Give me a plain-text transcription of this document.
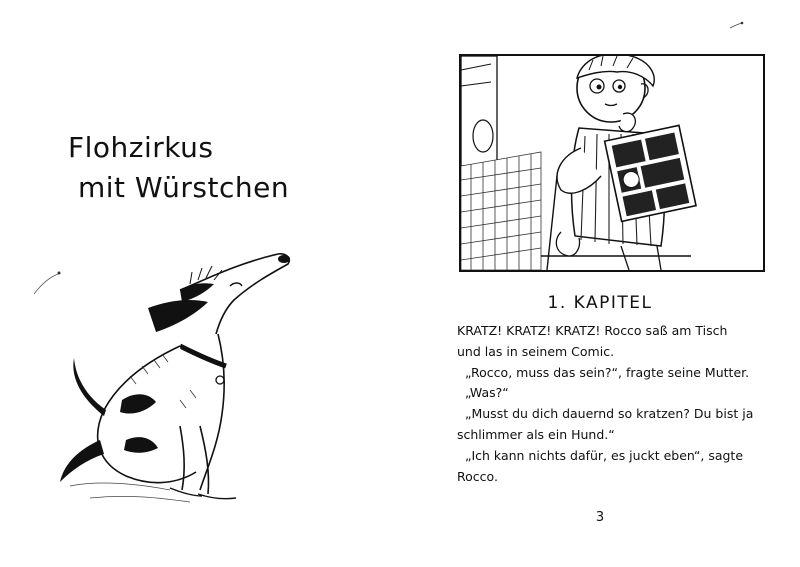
Flohzirkus
mit Würstchen
1. KAPITEL

KRATZ! KRATZ! KRATZ! Rocco saß am Tisch

und las in seinem Comic.

„Rocco, muss das sein?“, fragte seine Mutter.

„Was?“

„Musst du dich dauernd so kratzen? Du bist ja

schlimmer als ein Hund.“

„Ich kann nichts dafür, es juckt eben“, sagte

Rocco.

3
